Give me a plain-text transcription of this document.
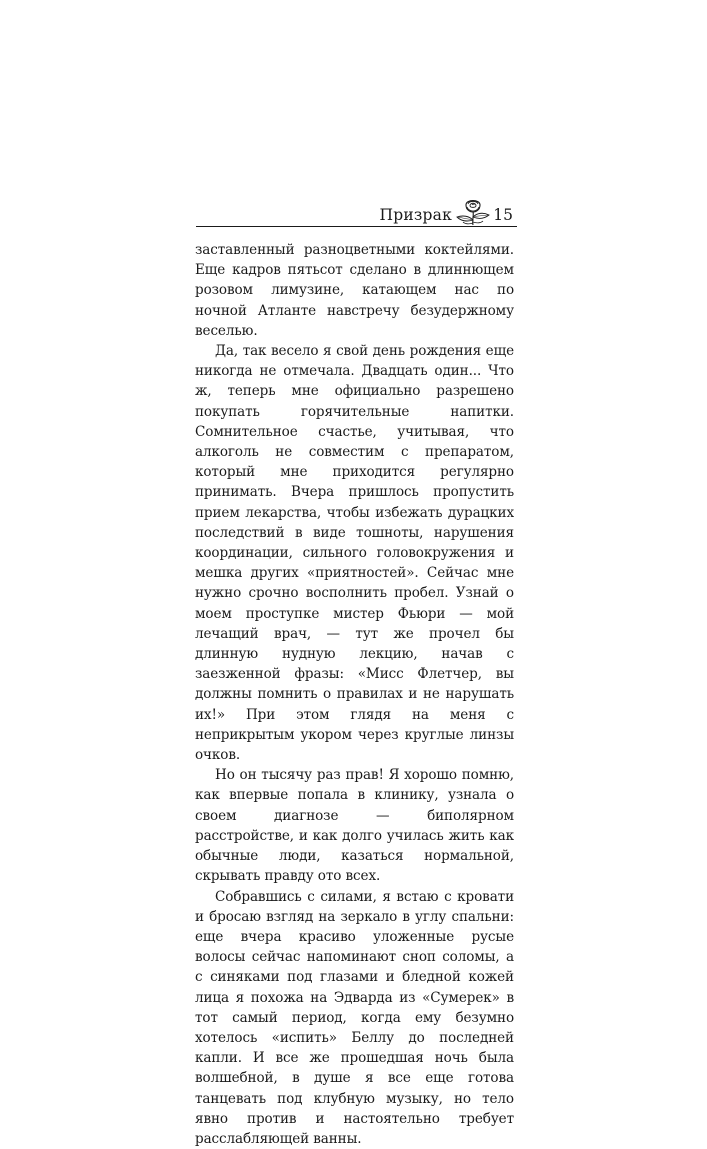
Призрак	15

заставленный разноцветными коктейлями. Еще кадров пятьсот сделано в длиннющем розовом лимузине, катающем нас по ночной Атланте навстречу безудержному веселью.

Да, так весело я свой день рождения еще никогда не отмечала. Двадцать один... Что ж, теперь мне официально разрешено покупать горячительные напитки. Сомнительное счастье, учитывая, что алкоголь не совместим с препаратом, который мне приходится регулярно принимать. Вчера пришлось пропустить прием лекарства, чтобы избежать дурацких последствий в виде тошноты, нарушения координации, сильного головокружения и мешка других «приятностей». Сейчас мне нужно срочно восполнить пробел. Узнай о моем проступке мистер Фьюри — мой лечащий врач, — тут же прочел бы длинную нудную лекцию, начав с заезженной фразы: «Мисс Флетчер, вы должны помнить о правилах и не нарушать их!» При этом глядя на меня с неприкрытым укором через круглые линзы очков.

Но он тысячу раз прав! Я хорошо помню, как впервые попала в клинику, узнала о своем диагнозе — биполярном расстройстве, и как долго училась жить как обычные люди, казаться нормальной, скрывать правду ото всех.

Собравшись с силами, я встаю с кровати и бросаю взгляд на зеркало в углу спальни: еще вчера красиво уложенные русые волосы сейчас напоминают сноп соломы, а с синяками под глазами и бледной кожей лица я похожа на Эдварда из «Сумерек» в тот самый период, когда ему безумно хотелось «испить» Беллу до последней капли. И все же прошедшая ночь была волшебной, в душе я все еще готова танцевать под клубную музыку, но тело явно против и настоятельно требует расслабляющей ванны.
